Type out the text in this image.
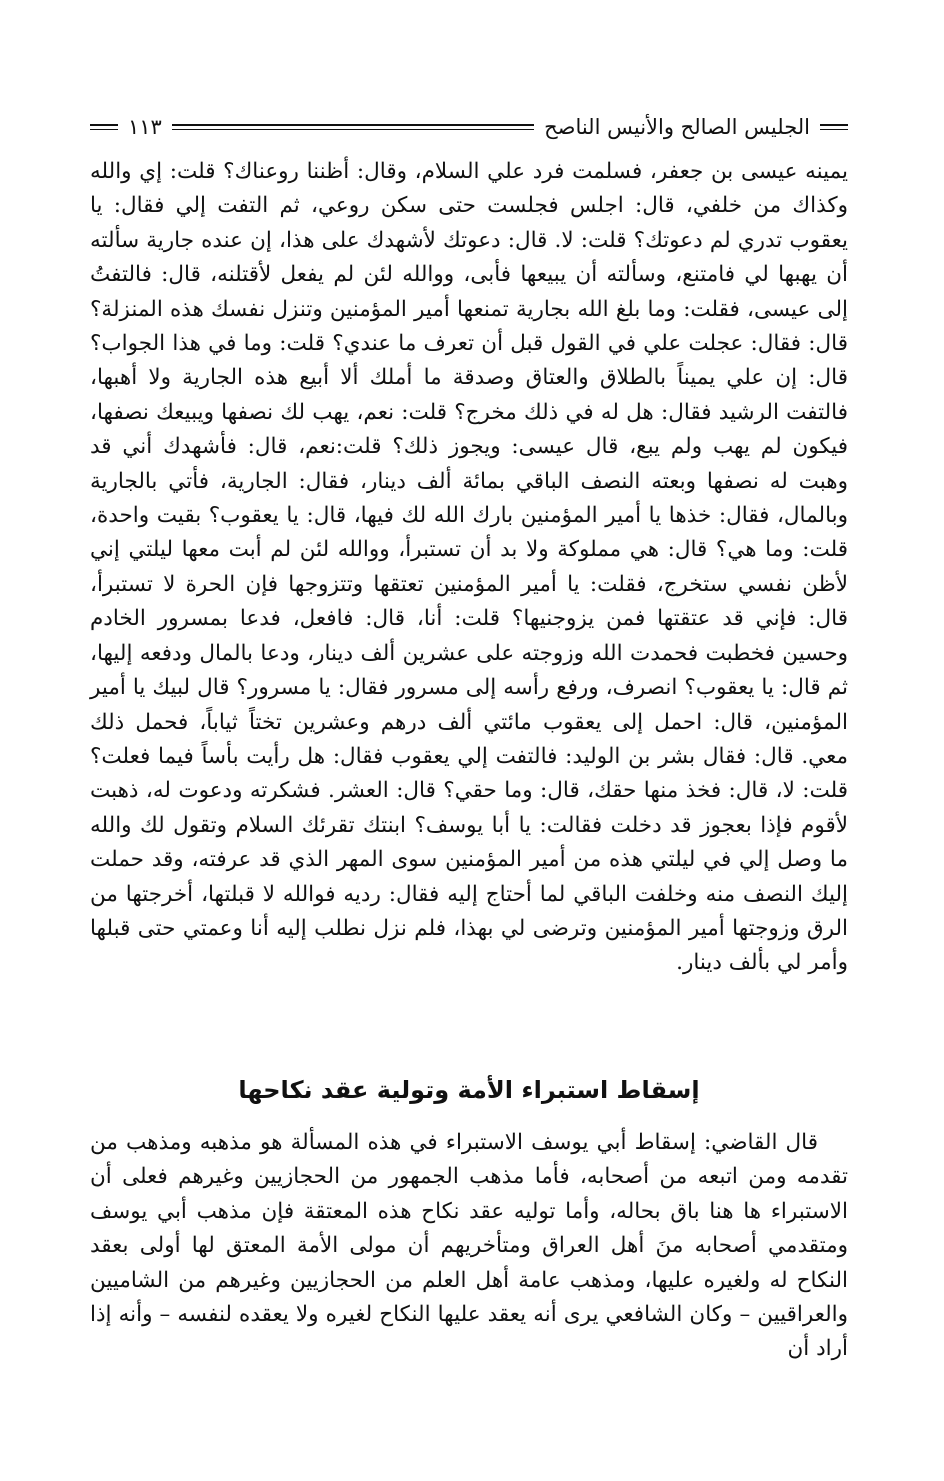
الجليس الصالح والأنيس الناصح
١١٣

يمينه عيسى بن جعفر، فسلمت فرد علي السلام، وقال: أظننا روعناك؟ قلت: إي والله وكذاك من خلفي، قال: اجلس فجلست حتى سكن روعي، ثم التفت إلي فقال: يا يعقوب تدري لم دعوتك؟ قلت: لا. قال: دعوتك لأشهدك على هذا، إن عنده جارية سألته أن يهبها لي فامتنع، وسألته أن يبيعها فأبى، ووالله لئن لم يفعل لأقتلنه، قال: فالتفتُ إلى عيسى، فقلت: وما بلغ الله بجارية تمنعها أمير المؤمنين وتنزل نفسك هذه المنزلة؟ قال: فقال: عجلت علي في القول قبل أن تعرف ما عندي؟ قلت: وما في هذا الجواب؟ قال: إن علي يميناً بالطلاق والعتاق وصدقة ما أملك ألا أبيع هذه الجارية ولا أهبها، فالتفت الرشيد فقال: هل له في ذلك مخرج؟ قلت: نعم، يهب لك نصفها ويبيعك نصفها، فيكون لم يهب ولم يبع، قال عيسى: ويجوز ذلك؟ قلت:نعم، قال: فأشهدك أني قد وهبت له نصفها وبعته النصف الباقي بمائة ألف دينار، فقال: الجارية، فأتي بالجارية وبالمال، فقال: خذها يا أمير المؤمنين بارك الله لك فيها، قال: يا يعقوب؟ بقيت واحدة، قلت: وما هي؟ قال: هي مملوكة ولا بد أن تستبرأ، ووالله لئن لم أبت معها ليلتي إني لأظن نفسي ستخرج، فقلت: يا أمير المؤمنين تعتقها وتتزوجها فإن الحرة لا تستبرأ، قال: فإني قد عتقتها فمن يزوجنيها؟ قلت: أنا، قال: فافعل، فدعا بمسرور الخادم وحسين فخطبت فحمدت الله وزوجته على عشرين ألف دينار، ودعا بالمال ودفعه إليها، ثم قال: يا يعقوب؟ انصرف، ورفع رأسه إلى مسرور فقال: يا مسرور؟ قال لبيك يا أمير المؤمنين، قال: احمل إلى يعقوب مائتي ألف درهم وعشرين تختاً ثياباً، فحمل ذلك معي. قال: فقال بشر بن الوليد: فالتفت إلي يعقوب فقال: هل رأيت بأساً فيما فعلت؟ قلت: لا، قال: فخذ منها حقك، قال: وما حقي؟ قال: العشر. فشكرته ودعوت له، ذهبت لأقوم فإذا بعجوز قد دخلت فقالت: يا أبا يوسف؟ ابنتك تقرئك السلام وتقول لك والله ما وصل إلي في ليلتي هذه من أمير المؤمنين سوى المهر الذي قد عرفته، وقد حملت إليك النصف منه وخلفت الباقي لما أحتاج إليه فقال: رديه فوالله لا قبلتها، أخرجتها من الرق وزوجتها أمير المؤمنين وترضى لي بهذا، فلم نزل نطلب إليه أنا وعمتي حتى قبلها وأمر لي بألف دينار.

إسقاط استبراء الأمة وتولية عقد نكاحها

قال القاضي: إسقاط أبي يوسف الاستبراء في هذه المسألة هو مذهبه ومذهب من تقدمه ومن اتبعه من أصحابه، فأما مذهب الجمهور من الحجازيين وغيرهم فعلى أن الاستبراء ها هنا باق بحاله، وأما توليه عقد نكاح هذه المعتقة فإن مذهب أبي يوسف ومتقدمي أصحابه منَ أهل العراق ومتأخريهم أن مولى الأمة المعتق لها أولى بعقد النكاح له ولغيره عليها، ومذهب عامة أهل العلم من الحجازيين وغيرهم من الشاميين والعراقيين – وكان الشافعي يرى أنه يعقد عليها النكاح لغيره ولا يعقده لنفسه – وأنه إذا أراد أن
